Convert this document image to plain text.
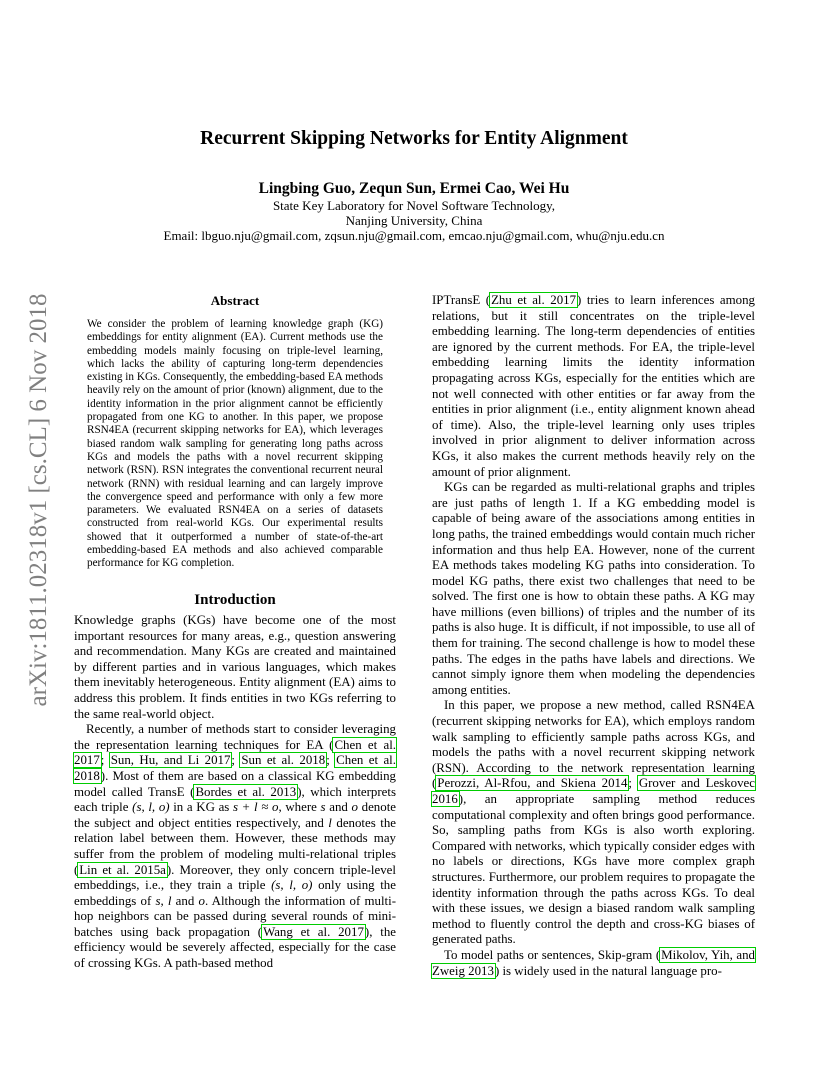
arXiv:1811.02318v1 [cs.CL] 6 Nov 2018
Recurrent Skipping Networks for Entity Alignment
Lingbing Guo, Zequn Sun, Ermei Cao, Wei Hu
State Key Laboratory for Novel Software Technology,
Nanjing University, China
Email: lbguo.nju@gmail.com, zqsun.nju@gmail.com, emcao.nju@gmail.com, whu@nju.edu.cn
Abstract
We consider the problem of learning knowledge graph (KG) embeddings for entity alignment (EA). Current methods use the embedding models mainly focusing on triple-level learning, which lacks the ability of capturing long-term dependencies existing in KGs. Consequently, the embedding-based EA methods heavily rely on the amount of prior (known) alignment, due to the identity information in the prior alignment cannot be efficiently propagated from one KG to another. In this paper, we propose RSN4EA (recurrent skipping networks for EA), which leverages biased random walk sampling for generating long paths across KGs and models the paths with a novel recurrent skipping network (RSN). RSN integrates the conventional recurrent neural network (RNN) with residual learning and can largely improve the convergence speed and performance with only a few more parameters. We evaluated RSN4EA on a series of datasets constructed from real-world KGs. Our experimental results showed that it outperformed a number of state-of-the-art embedding-based EA methods and also achieved comparable performance for KG completion.
Introduction

Knowledge graphs (KGs) have become one of the most important resources for many areas, e.g., question answering and recommendation. Many KGs are created and maintained by different parties and in various languages, which makes them inevitably heterogeneous. Entity alignment (EA) aims to address this problem. It finds entities in two KGs referring to the same real-world object.

Recently, a number of methods start to consider leveraging the representation learning techniques for EA (Chen et al. 2017; Sun, Hu, and Li 2017; Sun et al. 2018; Chen et al. 2018). Most of them are based on a classical KG embedding model called TransE (Bordes et al. 2013), which interprets each triple (s, l, o) in a KG as s + l ≈ o, where s and o denote the subject and object entities respectively, and l denotes the relation label between them. However, these methods may suffer from the problem of modeling multi-relational triples (Lin et al. 2015a). Moreover, they only concern triple-level embeddings, i.e., they train a triple (s, l, o) only using the embeddings of s, l and o. Although the information of multi-hop neighbors can be passed during several rounds of mini-batches using back propagation (Wang et al. 2017), the efficiency would be severely affected, especially for the case of crossing KGs. A path-based method

IPTransE (Zhu et al. 2017) tries to learn inferences among relations, but it still concentrates on the triple-level embedding learning. The long-term dependencies of entities are ignored by the current methods. For EA, the triple-level embedding learning limits the identity information propagating across KGs, especially for the entities which are not well connected with other entities or far away from the entities in prior alignment (i.e., entity alignment known ahead of time). Also, the triple-level learning only uses triples involved in prior alignment to deliver information across KGs, it also makes the current methods heavily rely on the amount of prior alignment.

KGs can be regarded as multi-relational graphs and triples are just paths of length 1. If a KG embedding model is capable of being aware of the associations among entities in long paths, the trained embeddings would contain much richer information and thus help EA. However, none of the current EA methods takes modeling KG paths into consideration. To model KG paths, there exist two challenges that need to be solved. The first one is how to obtain these paths. A KG may have millions (even billions) of triples and the number of its paths is also huge. It is difficult, if not impossible, to use all of them for training. The second challenge is how to model these paths. The edges in the paths have labels and directions. We cannot simply ignore them when modeling the dependencies among entities.

In this paper, we propose a new method, called RSN4EA (recurrent skipping networks for EA), which employs random walk sampling to efficiently sample paths across KGs, and models the paths with a novel recurrent skipping network (RSN). According to the network representation learning (Perozzi, Al-Rfou, and Skiena 2014; Grover and Leskovec 2016), an appropriate sampling method reduces computational complexity and often brings good performance. So, sampling paths from KGs is also worth exploring. Compared with networks, which typically consider edges with no labels or directions, KGs have more complex graph structures. Furthermore, our problem requires to propagate the identity information through the paths across KGs. To deal with these issues, we design a biased random walk sampling method to fluently control the depth and cross-KG biases of generated paths.

To model paths or sentences, Skip-gram (Mikolov, Yih, and Zweig 2013) is widely used in the natural language pro-
